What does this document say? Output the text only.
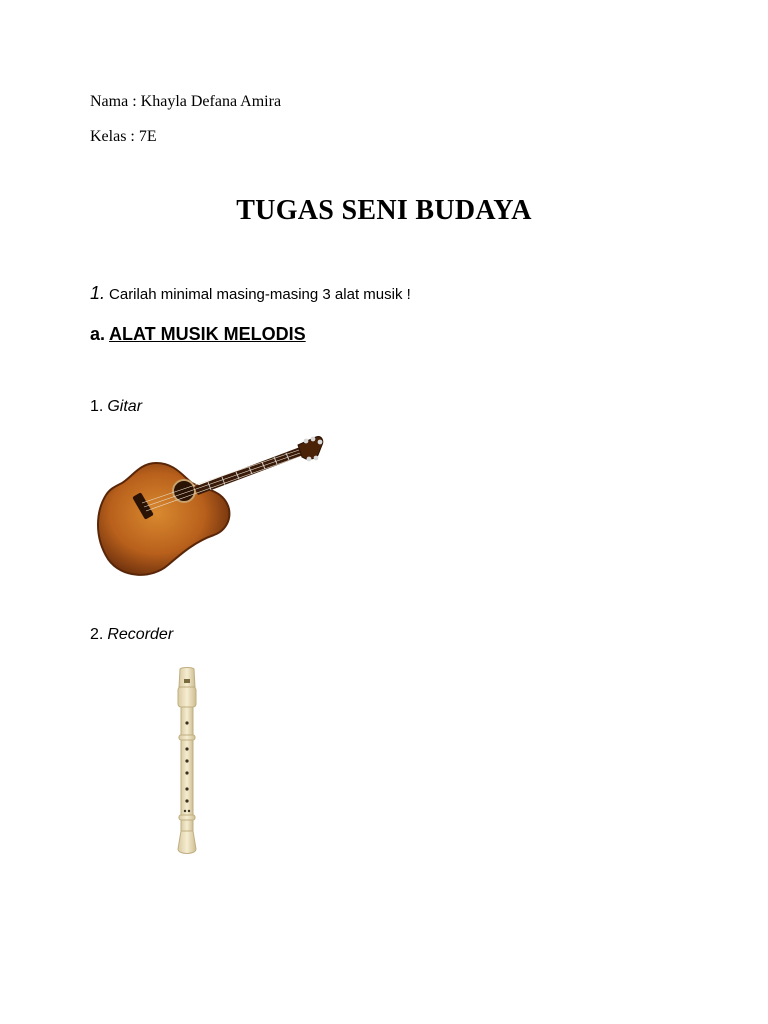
Nama : Khayla Defana Amira
Kelas : 7E
TUGAS SENI BUDAYA
1. Carilah minimal masing-masing 3 alat musik !
a. ALAT MUSIK MELODIS
1. Gitar
2. Recorder
